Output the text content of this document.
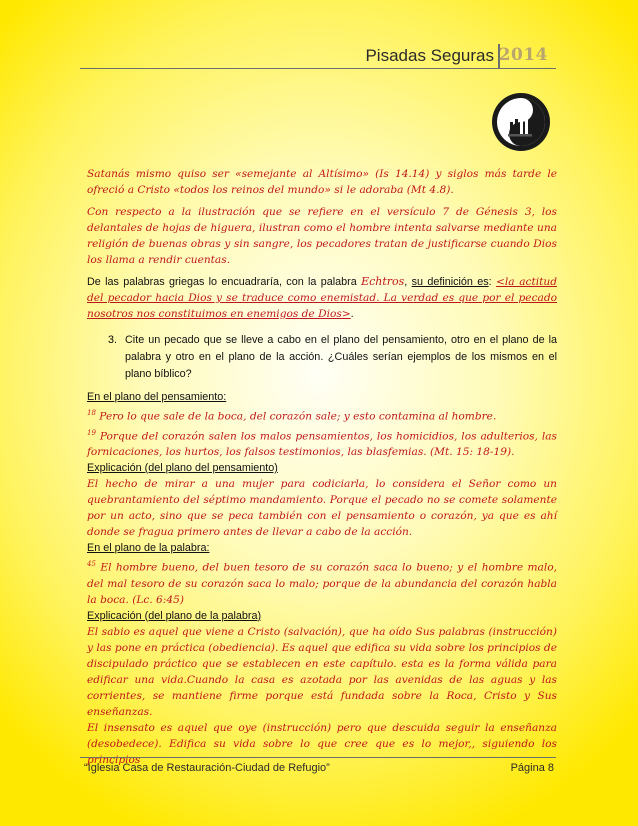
Pisadas Seguras 2014

Satanás mismo quiso ser «semejante al Altísimo» (Is 14.14) y siglos más tarde le ofreció a Cristo «todos los reinos del mundo» si le adoraba (Mt 4.8).

Con respecto a la ilustración que se refiere en el versículo 7 de Génesis 3, los delantales de hojas de higuera, ilustran como el hombre intenta salvarse mediante una religión de buenas obras y sin sangre, los pecadores tratan de justificarse cuando Dios los llama a rendir cuentas.

De las palabras griegas lo encuadraría, con la palabra Echtros, su definición es: <la actitud del pecador hacia Dios y se traduce como enemistad. La verdad es que por el pecado nosotros nos constituimos en enemigos de Dios>.

3. Cite un pecado que se lleve a cabo en el plano del pensamiento, otro en el plano de la palabra y otro en el plano de la acción. ¿Cuáles serían ejemplos de los mismos en el plano bíblico?

En el plano del pensamiento:

$^{18}$ Pero lo que sale de la boca, del corazón sale; y esto contamina al hombre.

$^{19}$ Porque del corazón salen los malos pensamientos, los homicidios, los adulterios, las fornicaciones, los hurtos, los falsos testimonios, las blasfemias. (Mt. 15: 18-19).

Explicación (del plano del pensamiento)

El hecho de mirar a una mujer para codiciarla, lo considera el Señor como un quebrantamiento del séptimo mandamiento. Porque el pecado no se comete solamente por un acto, sino que se peca también con el pensamiento o corazón, ya que es ahí donde se fragua primero antes de llevar a cabo de la acción.

En el plano de la palabra:

$^{45}$ El hombre bueno, del buen tesoro de su corazón saca lo bueno; y el hombre malo, del mal tesoro de su corazón saca lo malo; porque de la abundancia del corazón habla la boca. (Lc. 6:45)

Explicación (del plano de la palabra)

El sabio es aquel que viene a Cristo (salvación), que ha oído Sus palabras (instrucción) y las pone en práctica (obediencia). Es aquel que edifica su vida sobre los principios de discipulado práctico que se establecen en este capítulo. esta es la forma válida para edificar una vida.Cuando la casa es azotada por las avenidas de las aguas y las corrientes, se mantiene firme porque está fundada sobre la Roca, Cristo y Sus enseñanzas.

El insensato es aquel que oye (instrucción) pero que descuida seguir la enseñanza (desobedece). Edifica su vida sobre lo que cree que es lo mejor,, siguiendo los principios

“Iglesia Casa de Restauración-Ciudad de Refugio”	Página 8
